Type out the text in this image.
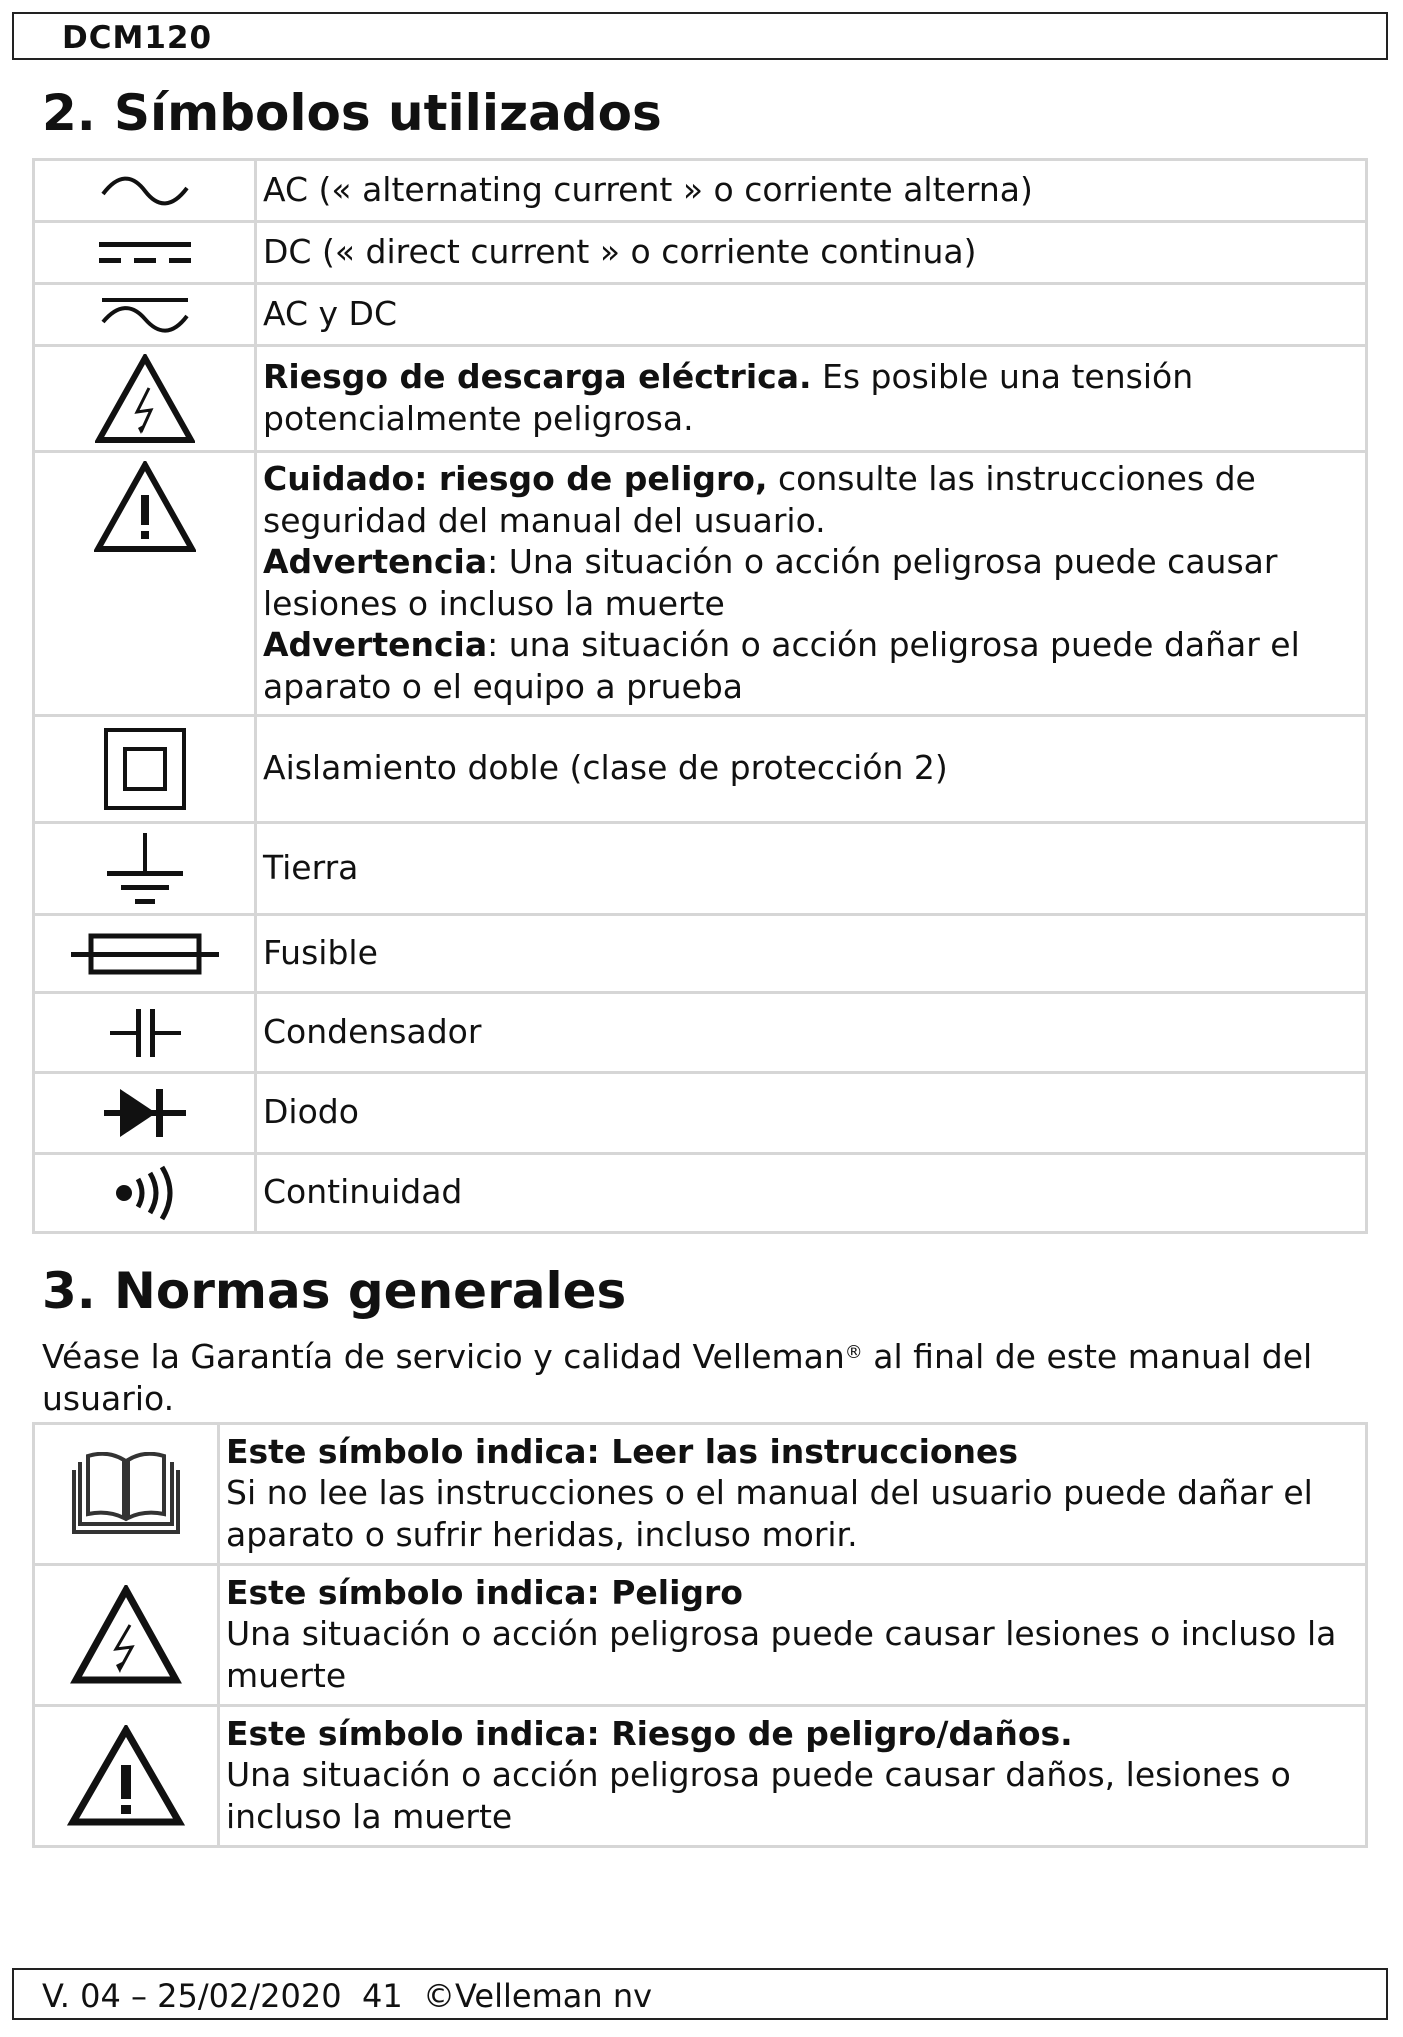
DCM120
2. Símbolos utilizados
	AC (« alternating current » o corriente alterna)
	DC (« direct current » o corriente continua)
	AC y DC
	Riesgo de descarga eléctrica. Es posible una tensión potencialmente peligrosa.
	Cuidado: riesgo de peligro, consulte las instrucciones de seguridad del manual del usuario.
Advertencia: Una situación o acción peligrosa puede causar lesiones o incluso la muerte
Advertencia: una situación o acción peligrosa puede dañar el aparato o el equipo a prueba
	Aislamiento doble (clase de protección 2)
	Tierra
	Fusible
	Condensador
	Diodo
	Continuidad
3. Normas generales
Véase la Garantía de servicio y calidad Velleman® al final de este manual del usuario.
	Este símbolo indica: Leer las instrucciones
Si no lee las instrucciones o el manual del usuario puede dañar el aparato o sufrir heridas, incluso morir.
	Este símbolo indica: Peligro
Una situación o acción peligrosa puede causar lesiones o incluso la muerte
	Este símbolo indica: Riesgo de peligro/daños.
Una situación o acción peligrosa puede causar daños, lesiones o incluso la muerte
V. 04 – 25/02/2020  41  ©Velleman nv
